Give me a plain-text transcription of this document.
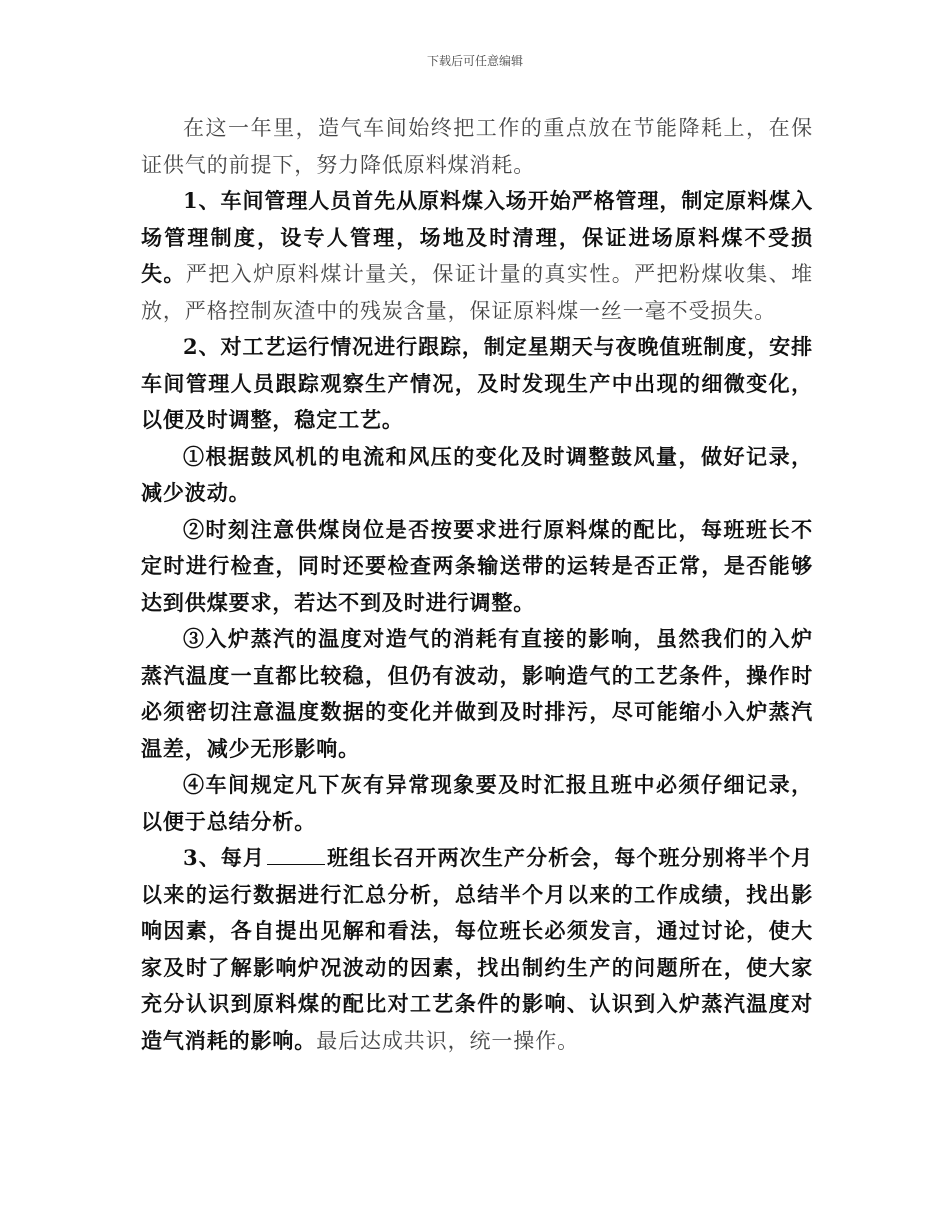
下载后可任意编辑

在这一年里，造气车间始终把工作的重点放在节能降耗上，在保证供气的前提下，努力降低原料煤消耗。

1、车间管理人员首先从原料煤入场开始严格管理，制定原料煤入场管理制度，设专人管理，场地及时清理，保证进场原料煤不受损失。严把入炉原料煤计量关，保证计量的真实性。严把粉煤收集、堆放，严格控制灰渣中的残炭含量，保证原料煤一丝一毫不受损失。

2、对工艺运行情况进行跟踪，制定星期天与夜晚值班制度，安排车间管理人员跟踪观察生产情况，及时发现生产中出现的细微变化，以便及时调整，稳定工艺。

①根据鼓风机的电流和风压的变化及时调整鼓风量，做好记录，减少波动。

②时刻注意供煤岗位是否按要求进行原料煤的配比，每班班长不定时进行检查，同时还要检查两条输送带的运转是否正常，是否能够达到供煤要求，若达不到及时进行调整。

③入炉蒸汽的温度对造气的消耗有直接的影响，虽然我们的入炉蒸汽温度一直都比较稳，但仍有波动，影响造气的工艺条件，操作时必须密切注意温度数据的变化并做到及时排污，尽可能缩小入炉蒸汽温差，减少无形影响。

④车间规定凡下灰有异常现象要及时汇报且班中必须仔细记录，以便于总结分析。

3、每月	班组长召开两次生产分析会，每个班分别将半个月以来的运行数据进行汇总分析，总结半个月以来的工作成绩，找出影响因素，各自提出见解和看法，每位班长必须发言，通过讨论，使大家及时了解影响炉况波动的因素，找出制约生产的问题所在，使大家充分认识到原料煤的配比对工艺条件的影响、认识到入炉蒸汽温度对造气消耗的影响。最后达成共识，统一操作。
